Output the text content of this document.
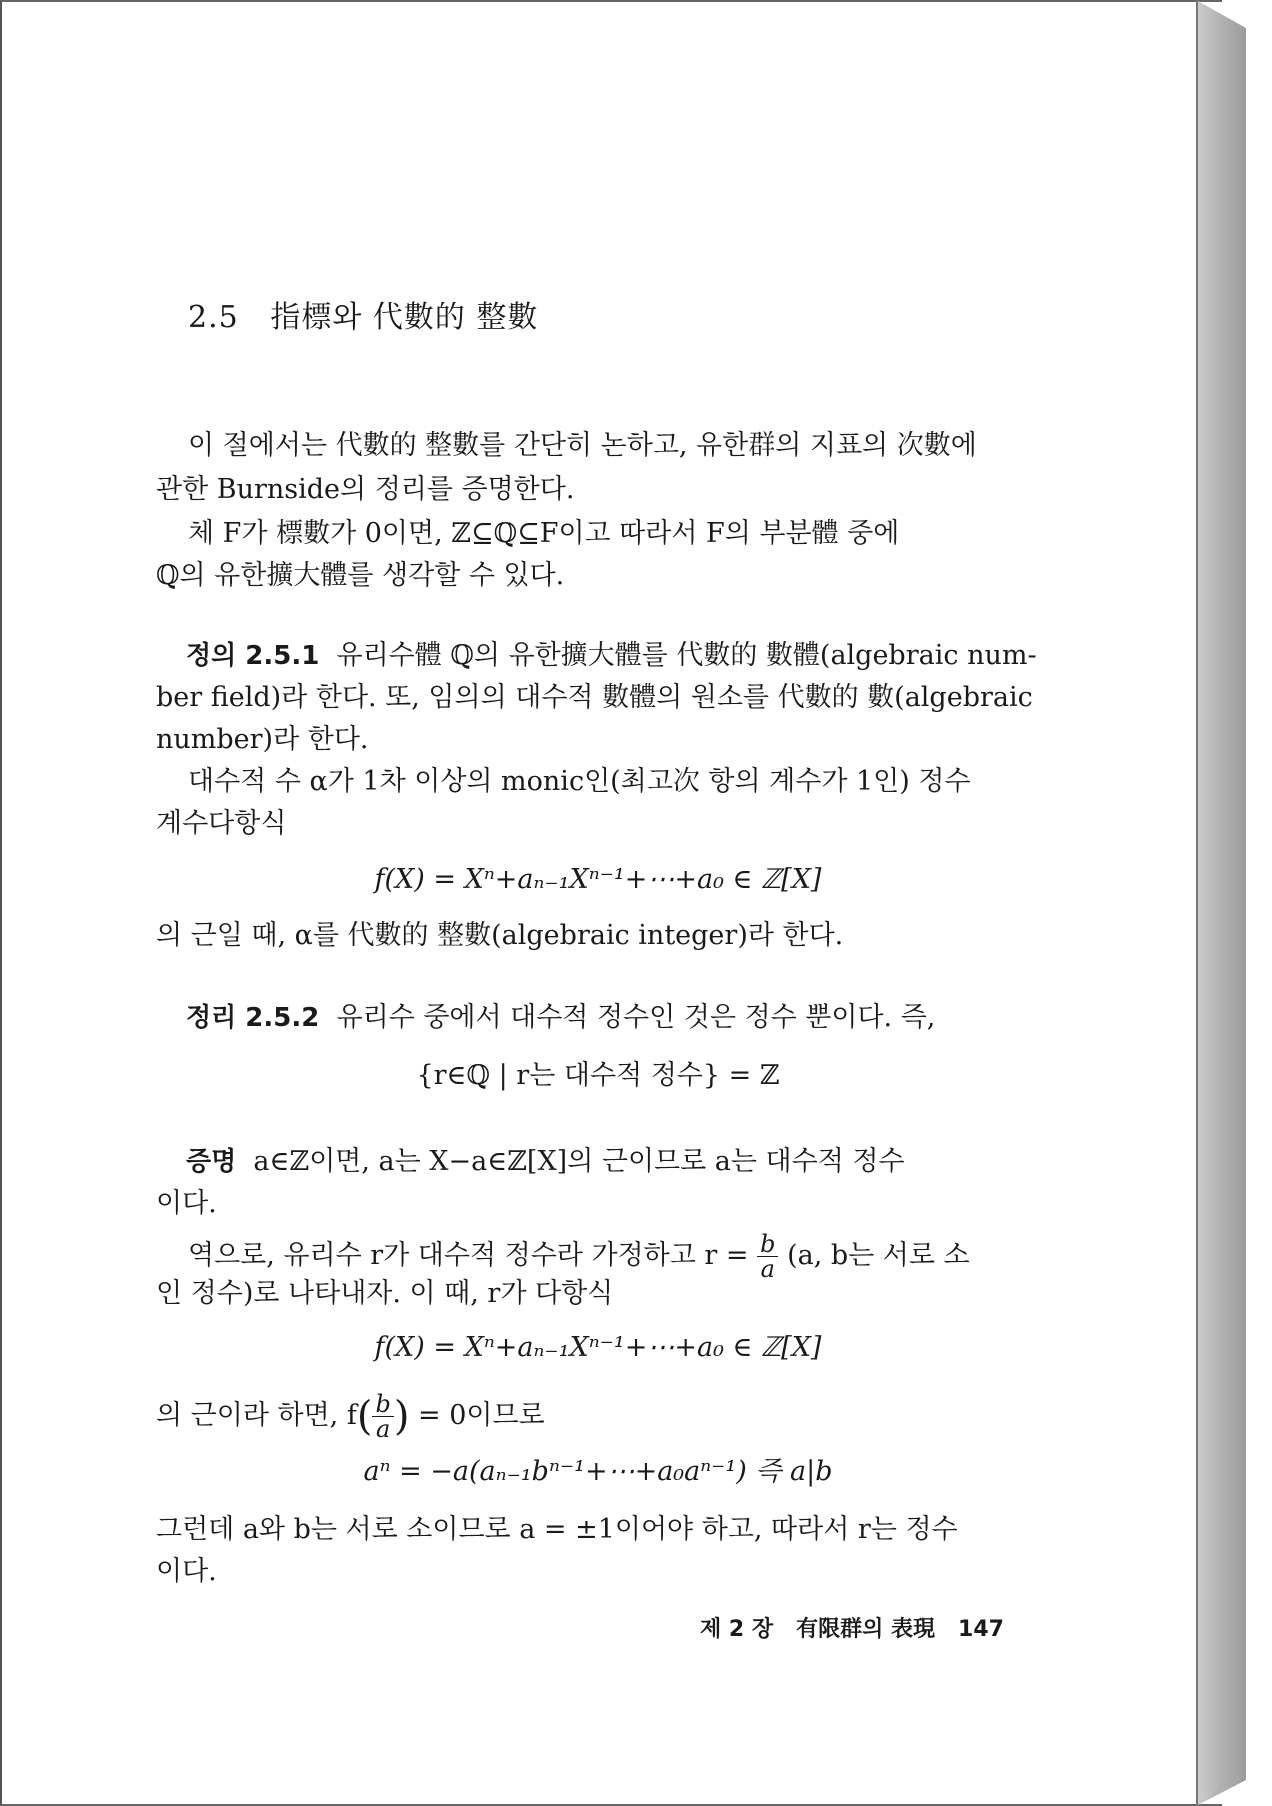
2.5 指標와 代數的 整數
이 절에서는 代數的 整數를 간단히 논하고, 유한群의 지표의 次數에
관한 Burnside의 정리를 증명한다.
체 F가 標數가 0이면, ℤ⊆ℚ⊆F이고 따라서 F의 부분體 중에
ℚ의 유한擴大體를 생각할 수 있다.
정의 2.5.1 유리수體 ℚ의 유한擴大體를 代數的 數體(algebraic num-
ber field)라 한다. 또, 임의의 대수적 數體의 원소를 代數的 數(algebraic
number)라 한다.
대수적 수 α가 1차 이상의 monic인(최고次 항의 계수가 1인) 정수
계수다항식
f(X) = Xⁿ+aₙ₋₁Xⁿ⁻¹+⋯+a₀ ∈ ℤ[X]
의 근일 때, α를 代數的 整數(algebraic integer)라 한다.
정리 2.5.2 유리수 중에서 대수적 정수인 것은 정수 뿐이다. 즉,
{r∈ℚ | r는 대수적 정수} = ℤ
증명 a∈ℤ이면, a는 X−a∈ℤ[X]의 근이므로 a는 대수적 정수
이다.
역으로, 유리수 r가 대수적 정수라 가정하고 $r = \frac{b}{a} (a$, b는 서로 소
인 정수)로 나타내자. 이 때, r가 다항식
f(X) = Xⁿ+aₙ₋₁Xⁿ⁻¹+⋯+a₀ ∈ ℤ[X]
의 근이라 하면, $f( \frac{b}{a}$ ) = 0이므로
aⁿ = −a(aₙ₋₁bⁿ⁻¹+⋯+a₀aⁿ⁻¹) 즉 a|b
그런데 a와 b는 서로 소이므로 a = ±1이어야 하고, 따라서 r는 정수
이다.
제 2 장 有限群의 表現 147
